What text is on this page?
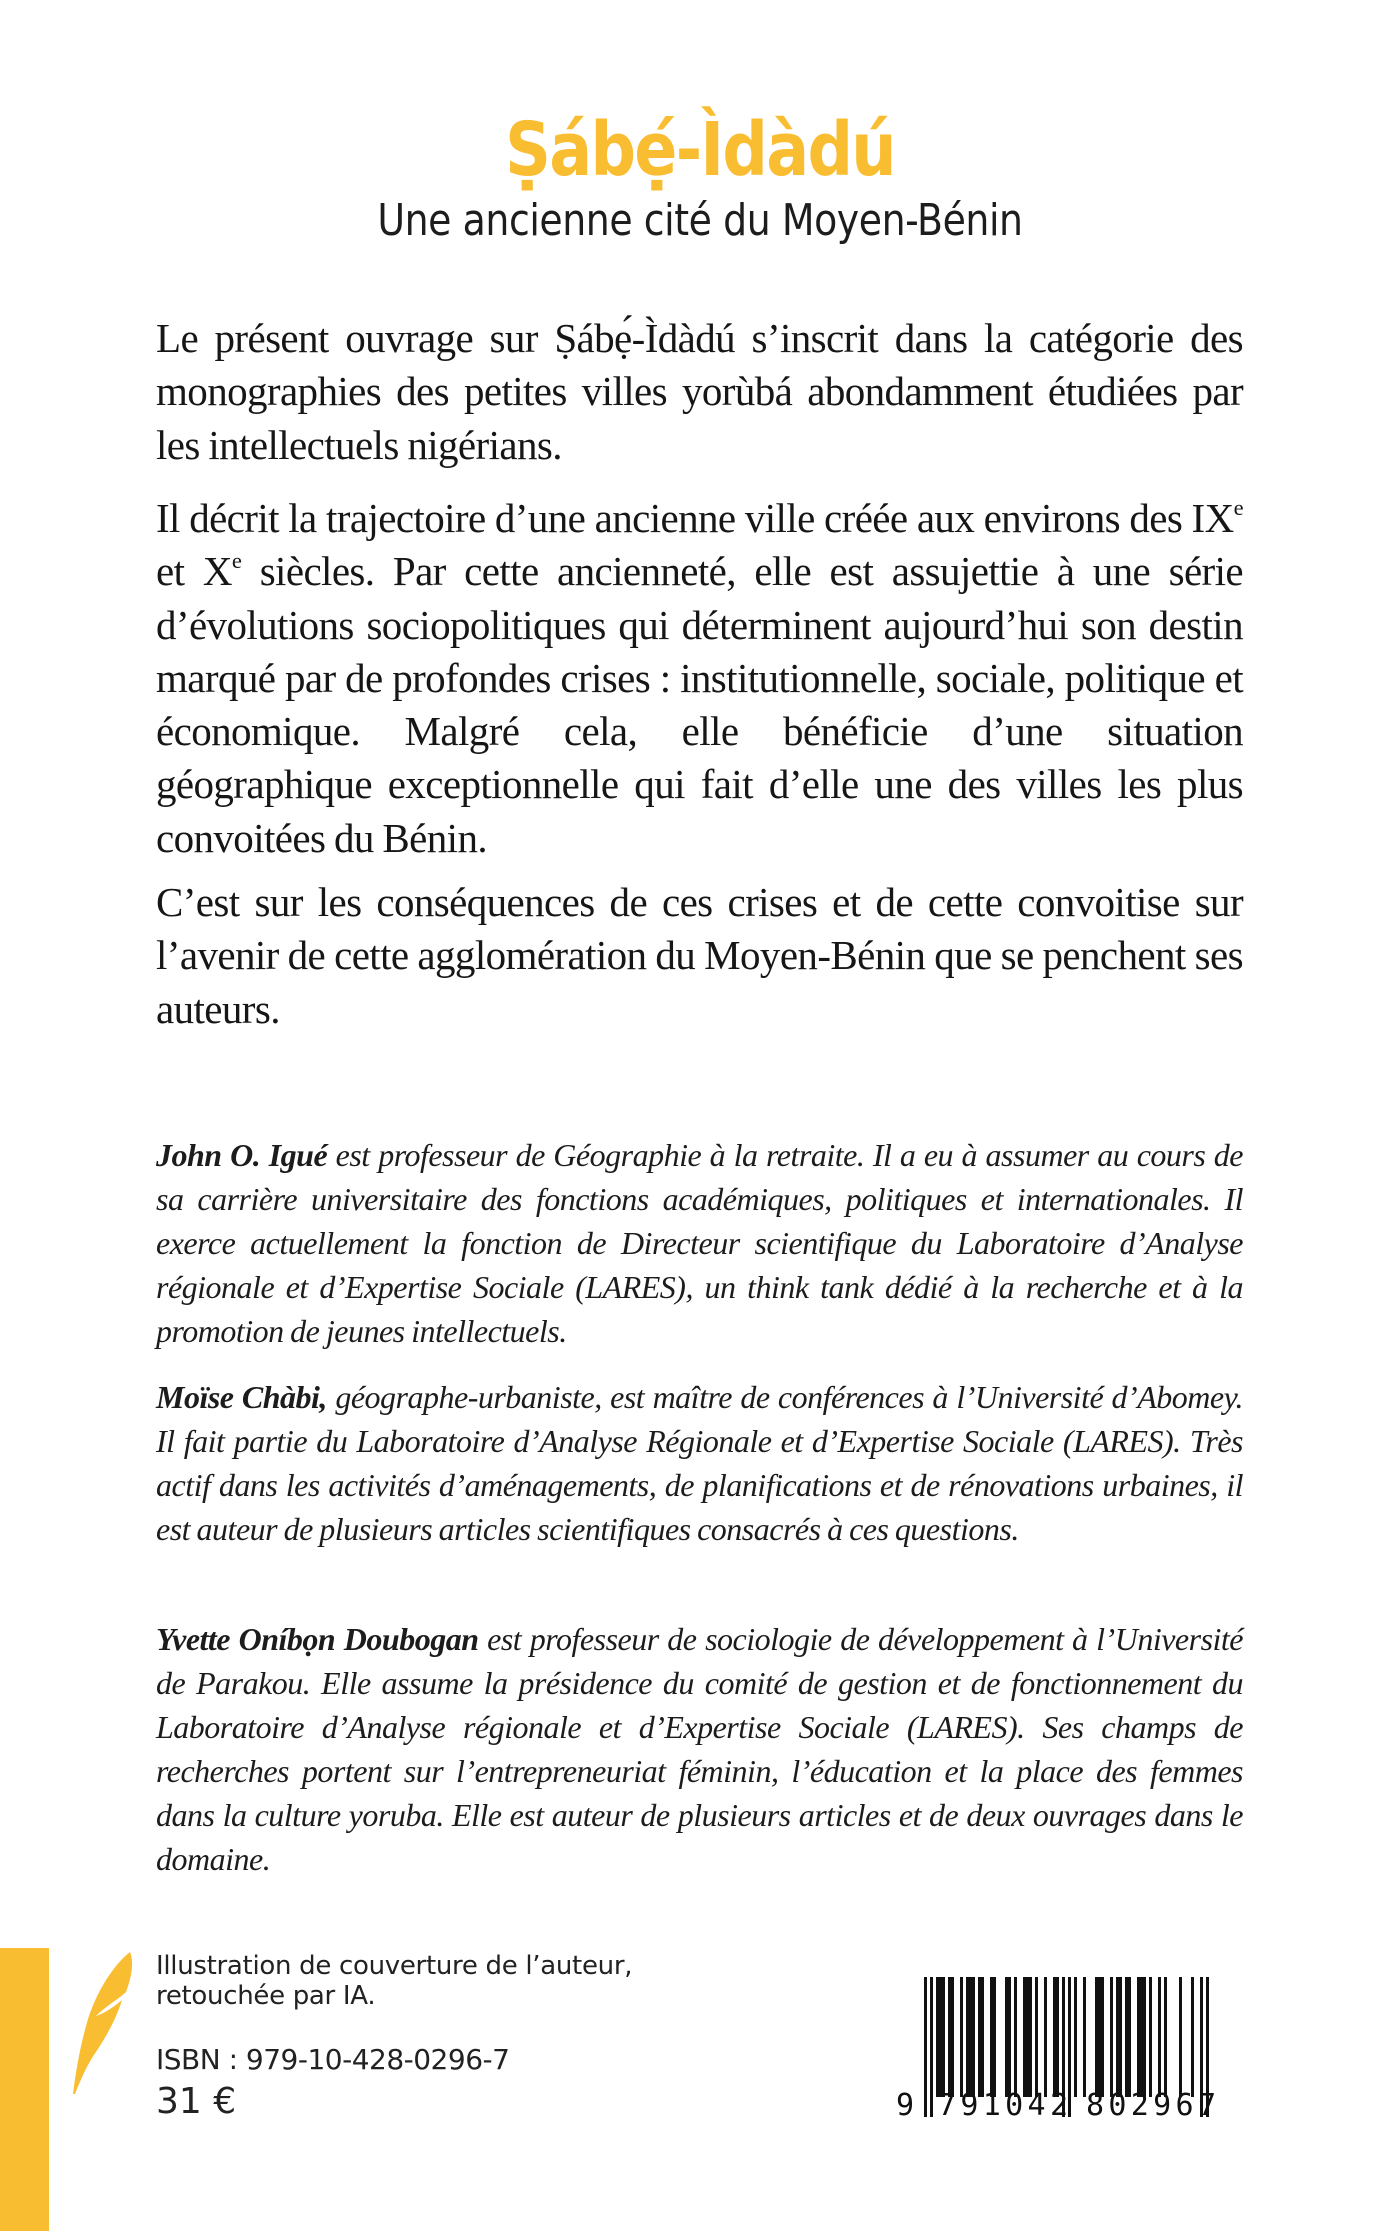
Ṣábẹ́-Ìdàdú
Une ancienne cité du Moyen-Bénin

Le présent ouvrage sur Ṣábẹ́-Ìdàdú s’inscrit dans la catégorie des monographies des petites villes yorùbá abondamment étudiées par les intellectuels nigérians.

Il décrit la trajectoire d’une ancienne ville créée aux environs des IXe et Xe siècles. Par cette ancienneté, elle est assujettie à une série d’évolutions sociopolitiques qui déterminent aujourd’hui son destin marqué par de profondes crises : institutionnelle, sociale, politique et économique. Malgré cela, elle bénéficie d’une situation géographique exceptionnelle qui fait d’elle une des villes les plus convoitées du Bénin.

C’est sur les conséquences de ces crises et de cette convoitise sur l’avenir de cette agglomération du Moyen-Bénin que se penchent ses auteurs.

John O. Igué est professeur de Géographie à la retraite. Il a eu à assumer au cours de sa carrière universitaire des fonctions académiques, politiques et internationales. Il exerce actuellement la fonction de Directeur scientifique du Laboratoire d’Analyse régionale et d’Expertise Sociale (LARES), un think tank dédié à la recherche et à la promotion de jeunes intellectuels.

Moïse Chàbi, géographe-urbaniste, est maître de conférences à l’Université d’Abomey. Il fait partie du Laboratoire d’Analyse Régionale et d’Expertise Sociale (LARES). Très actif dans les activités d’aménagements, de planifications et de rénovations urbaines, il est auteur de plusieurs articles scientifiques consacrés à ces questions.

Yvette Oníbọn Doubogan est professeur de sociologie de développement à l’Université de Parakou. Elle assume la présidence du comité de gestion et de fonctionnement du Laboratoire d’Analyse régionale et d’Expertise Sociale (LARES). Ses champs de recherches portent sur l’entrepreneuriat féminin, l’éducation et la place des femmes dans la culture yoruba. Elle est auteur de plusieurs articles et de deux ouvrages dans le domaine.

Illustration de couverture de l’auteur,
retouchée par IA.
ISBN : 979-10-428-0296-7
31 €	9 791042 802967
